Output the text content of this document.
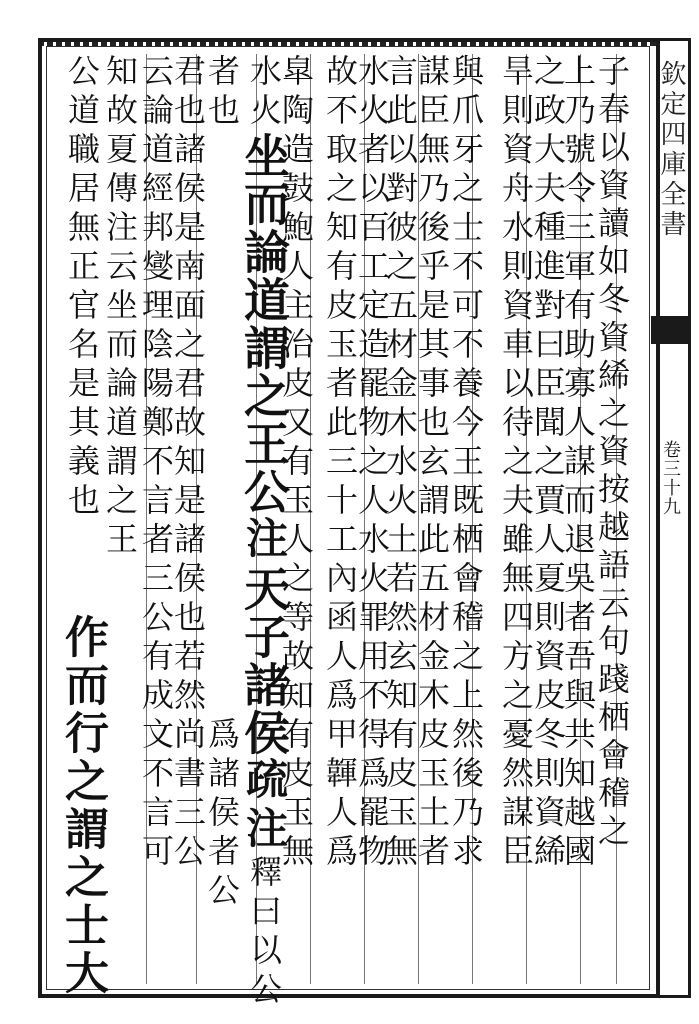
子春以資讀如冬資絺之資按越語云句踐栖會稽之
上乃號令三軍有助寡人謀而退吳者吾與共知越國
之政大夫種進對曰臣聞之賈人夏則資皮冬則資絺
旱則資舟水則資車以待之夫雖無四方之憂然謀臣
與爪牙之士不可不養今王既栖會稽之上然後乃求
謀臣無乃後乎是其事也玄謂此五材金木皮玉土者
言此以對彼之五材金木水火土若然玄知有皮玉無
水火者以百工定造罷物之人水火罪用不得爲罷物
故不取之知有皮玉者此三十工內函人爲甲韗人爲
皐陶造鼓鮑人主治皮又有玉人之等故知有皮玉無
水火坐而論道謂之王公注天子諸侯疏注釋曰以公
者也　　　　　　　　　　　　　　　爲諸侯者公
君也諸侯是南面之君故知是諸侯也若然尚書三公
云論道經邦燮理陰陽鄭不言者三公有成文不言可
知故夏傳注云坐而論道謂之王
作而行之謂之士大
公道職居無正官名是其義也	欽定四庫全書
卷三十九
